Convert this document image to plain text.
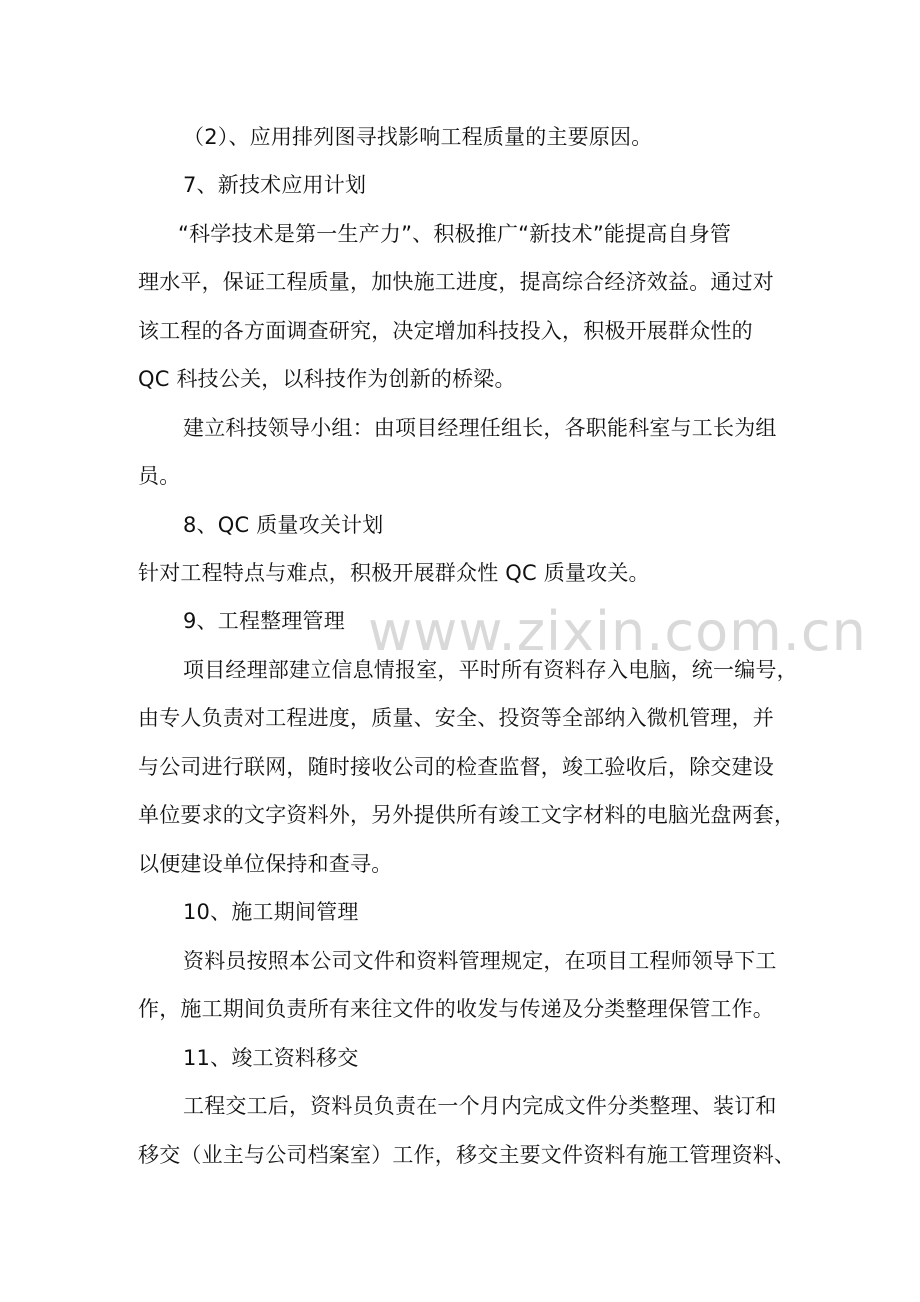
（2）、应用排列图寻找影响工程质量的主要原因。
7、新技术应用计划
“科学技术是第一生产力”、积极推广“新技术”能提高自身管
理水平，保证工程质量，加快施工进度，提高综合经济效益。通过对
该工程的各方面调查研究，决定增加科技投入，积极开展群众性的
QC 科技公关，以科技作为创新的桥梁。
建立科技领导小组：由项目经理任组长，各职能科室与工长为组
员。
8、QC 质量攻关计划
针对工程特点与难点，积极开展群众性 QC 质量攻关。
9、工程整理管理
项目经理部建立信息情报室，平时所有资料存入电脑，统一编号，
由专人负责对工程进度，质量、安全、投资等全部纳入微机管理，并
与公司进行联网，随时接收公司的检查监督，竣工验收后，除交建设
单位要求的文字资料外，另外提供所有竣工文字材料的电脑光盘两套，
以便建设单位保持和查寻。
10、施工期间管理
资料员按照本公司文件和资料管理规定，在项目工程师领导下工
作，施工期间负责所有来往文件的收发与传递及分类整理保管工作。
11、竣工资料移交
工程交工后，资料员负责在一个月内完成文件分类整理、装订和
移交（业主与公司档案室）工作，移交主要文件资料有施工管理资料、
www.zixin.com.cn
